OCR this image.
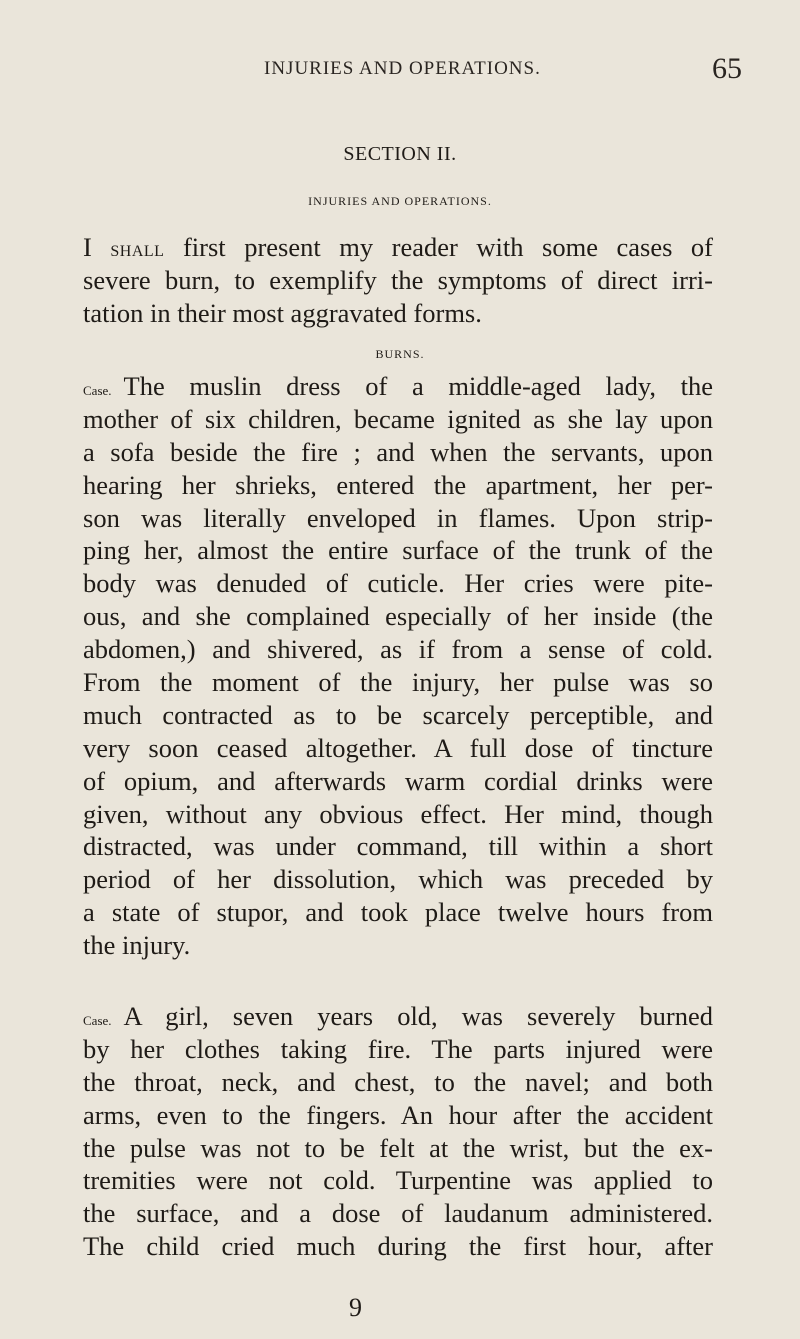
INJURIES AND OPERATIONS.	65
SECTION II.
INJURIES AND OPERATIONS.
I SHALL first present my reader with some cases of
severe burn, to exemplify the symptoms of direct irri-
tation in their most aggravated forms.
BURNS.
Case. The muslin dress of a middle-aged lady, the
mother of six children, became ignited as she lay upon
a sofa beside the fire ; and when the servants, upon
hearing her shrieks, entered the apartment, her per-
son was literally enveloped in flames. Upon strip-
ping her, almost the entire surface of the trunk of the
body was denuded of cuticle. Her cries were pite-
ous, and she complained especially of her inside (the
abdomen,) and shivered, as if from a sense of cold.
From the moment of the injury, her pulse was so
much contracted as to be scarcely perceptible, and
very soon ceased altogether. A full dose of tincture
of opium, and afterwards warm cordial drinks were
given, without any obvious effect. Her mind, though
distracted, was under command, till within a short
period of her dissolution, which was preceded by
a state of stupor, and took place twelve hours from
the injury.
Case. A girl, seven years old, was severely burned
by her clothes taking fire. The parts injured were
the throat, neck, and chest, to the navel; and both
arms, even to the fingers. An hour after the accident
the pulse was not to be felt at the wrist, but the ex-
tremities were not cold. Turpentine was applied to
the surface, and a dose of laudanum administered.
The child cried much during the first hour, after
9
